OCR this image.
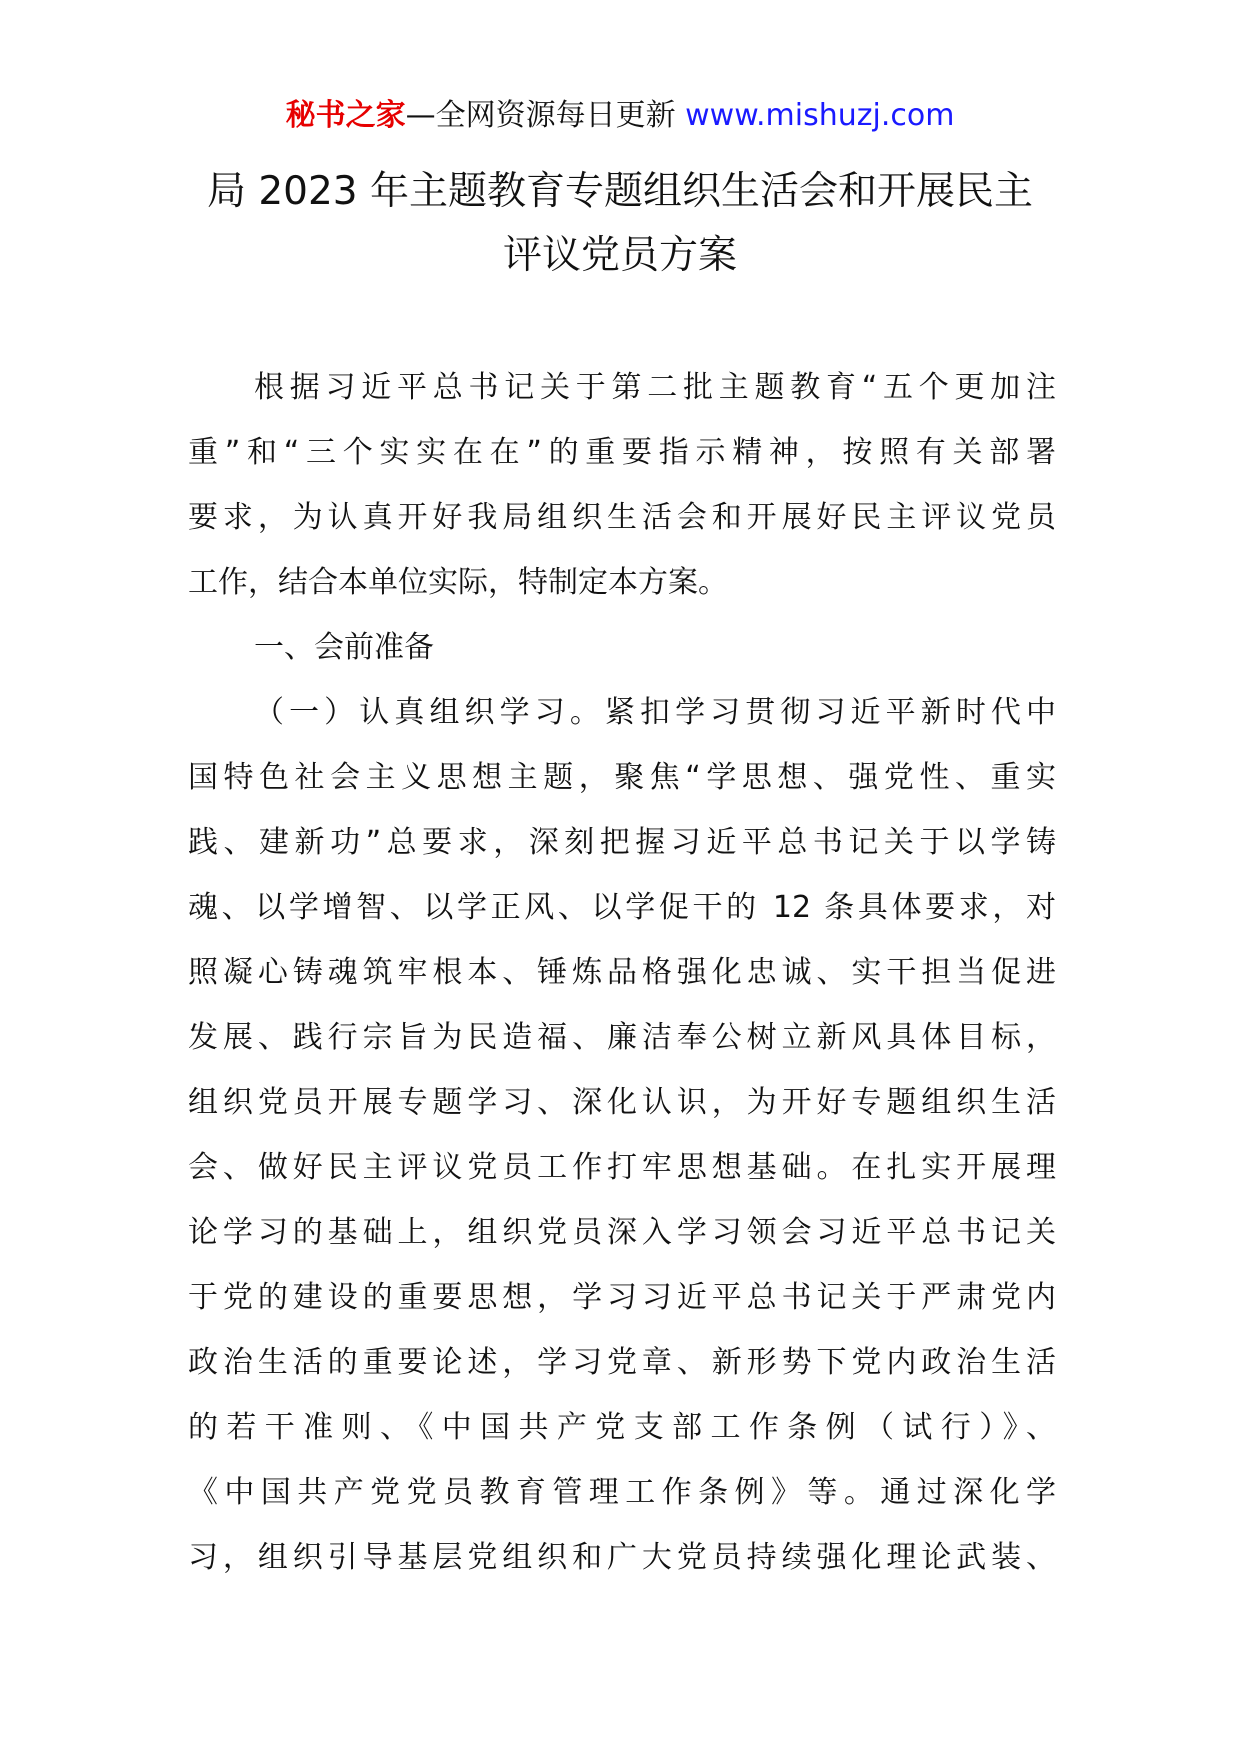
秘书之家—全网资源每日更新 www.mishuzj.com
局 2023 年主题教育专题组织生活会和开展民主
评议党员方案
根据习近平总书记关于第二批主题教育“五个更加注
重”和“三个实实在在”的重要指示精神，按照有关部署
要求，为认真开好我局组织生活会和开展好民主评议党员
工作，结合本单位实际，特制定本方案。
一、会前准备
（一）认真组织学习。紧扣学习贯彻习近平新时代中
国特色社会主义思想主题，聚焦“学思想、强党性、重实
践、建新功”总要求，深刻把握习近平总书记关于以学铸
魂、以学增智、以学正风、以学促干的 12 条具体要求，对
照凝心铸魂筑牢根本、锤炼品格强化忠诚、实干担当促进
发展、践行宗旨为民造福、廉洁奉公树立新风具体目标，
组织党员开展专题学习、深化认识，为开好专题组织生活
会、做好民主评议党员工作打牢思想基础。在扎实开展理
论学习的基础上，组织党员深入学习领会习近平总书记关
于党的建设的重要思想，学习习近平总书记关于严肃党内
政治生活的重要论述，学习党章、新形势下党内政治生活
的若干准则、《中国共产党支部工作条例（试行）》、
《中国共产党党员教育管理工作条例》等。通过深化学
习，组织引导基层党组织和广大党员持续强化理论武装、
